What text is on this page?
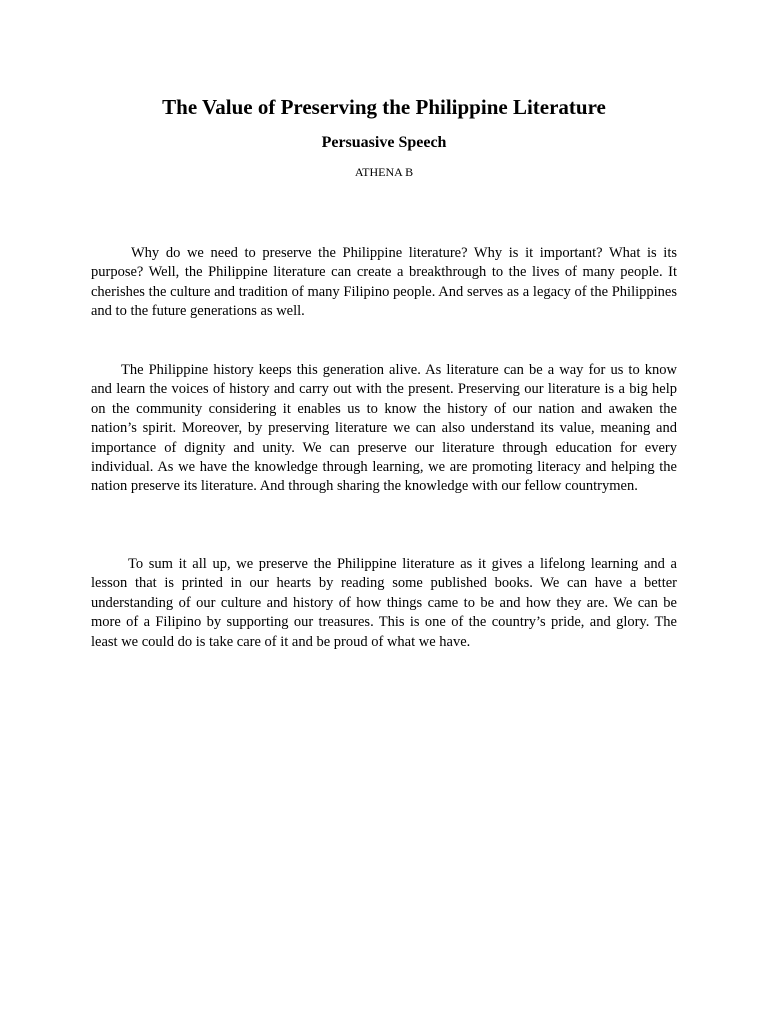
The Value of Preserving the Philippine Literature
Persuasive Speech

ATHENA B

Why do we need to preserve the Philippine literature? Why is it important? What is its purpose? Well, the Philippine literature can create a breakthrough to the lives of many people. It cherishes the culture and tradition of many Filipino people. And serves as a legacy of the Philippines and to the future generations as well.

The Philippine history keeps this generation alive. As literature can be a way for us to know and learn the voices of history and carry out with the present. Preserving our literature is a big help on the community considering it enables us to know the history of our nation and awaken the nation’s spirit. Moreover, by preserving literature we can also understand its value, meaning and importance of dignity and unity. We can preserve our literature through education for every individual. As we have the knowledge through learning, we are promoting literacy and helping the nation preserve its literature. And through sharing the knowledge with our fellow countrymen.

To sum it all up, we preserve the Philippine literature as it gives a lifelong learning and a lesson that is printed in our hearts by reading some published books. We can have a better understanding of our culture and history of how things came to be and how they are. We can be more of a Filipino by supporting our treasures. This is one of the country’s pride, and glory. The least we could do is take care of it and be proud of what we have.
